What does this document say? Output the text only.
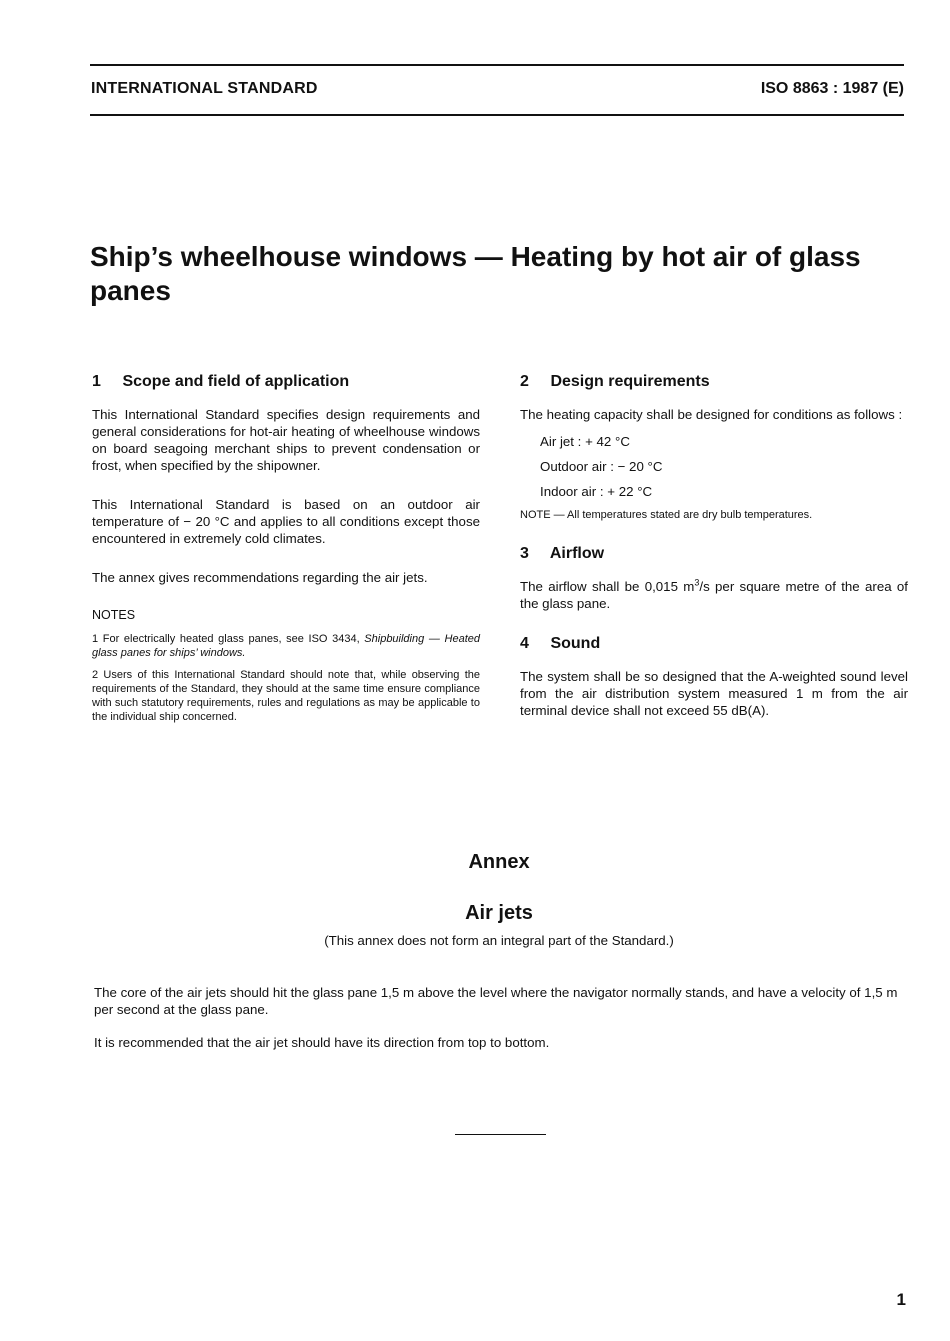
INTERNATIONAL STANDARD	ISO 8863 : 1987 (E)
Ship’s wheelhouse windows — Heating by hot air of glass panes
1 Scope and field of application

This International Standard specifies design requirements and general considerations for hot-air heating of wheelhouse windows on board seagoing merchant ships to prevent condensation or frost, when specified by the shipowner.

This International Standard is based on an outdoor air temperature of − 20 °C and applies to all conditions except those encountered in extremely cold climates.

The annex gives recommendations regarding the air jets.

NOTES
1 For electrically heated glass panes, see ISO 3434, Shipbuilding — Heated glass panes for ships’ windows.
2 Users of this International Standard should note that, while observing the requirements of the Standard, they should at the same time ensure compliance with such statutory requirements, rules and regulations as may be applicable to the individual ship concerned.
2 Design requirements

The heating capacity shall be designed for conditions as follows :

Air jet : + 42 °C
Outdoor air : − 20 °C
Indoor air : + 22 °C
NOTE — All temperatures stated are dry bulb temperatures.
3 Airflow

The airflow shall be 0,015 $m^3/s$ per square metre of the area of the glass pane.

4 Sound

The system shall be so designed that the A-weighted sound level from the air distribution system measured 1 m from the air terminal device shall not exceed 55 dB(A).

Annex
Air jets
(This annex does not form an integral part of the Standard.)
The core of the air jets should hit the glass pane 1,5 m above the level where the navigator normally stands, and have a velocity of 1,5 m per second at the glass pane.
It is recommended that the air jet should have its direction from top to bottom.
1
